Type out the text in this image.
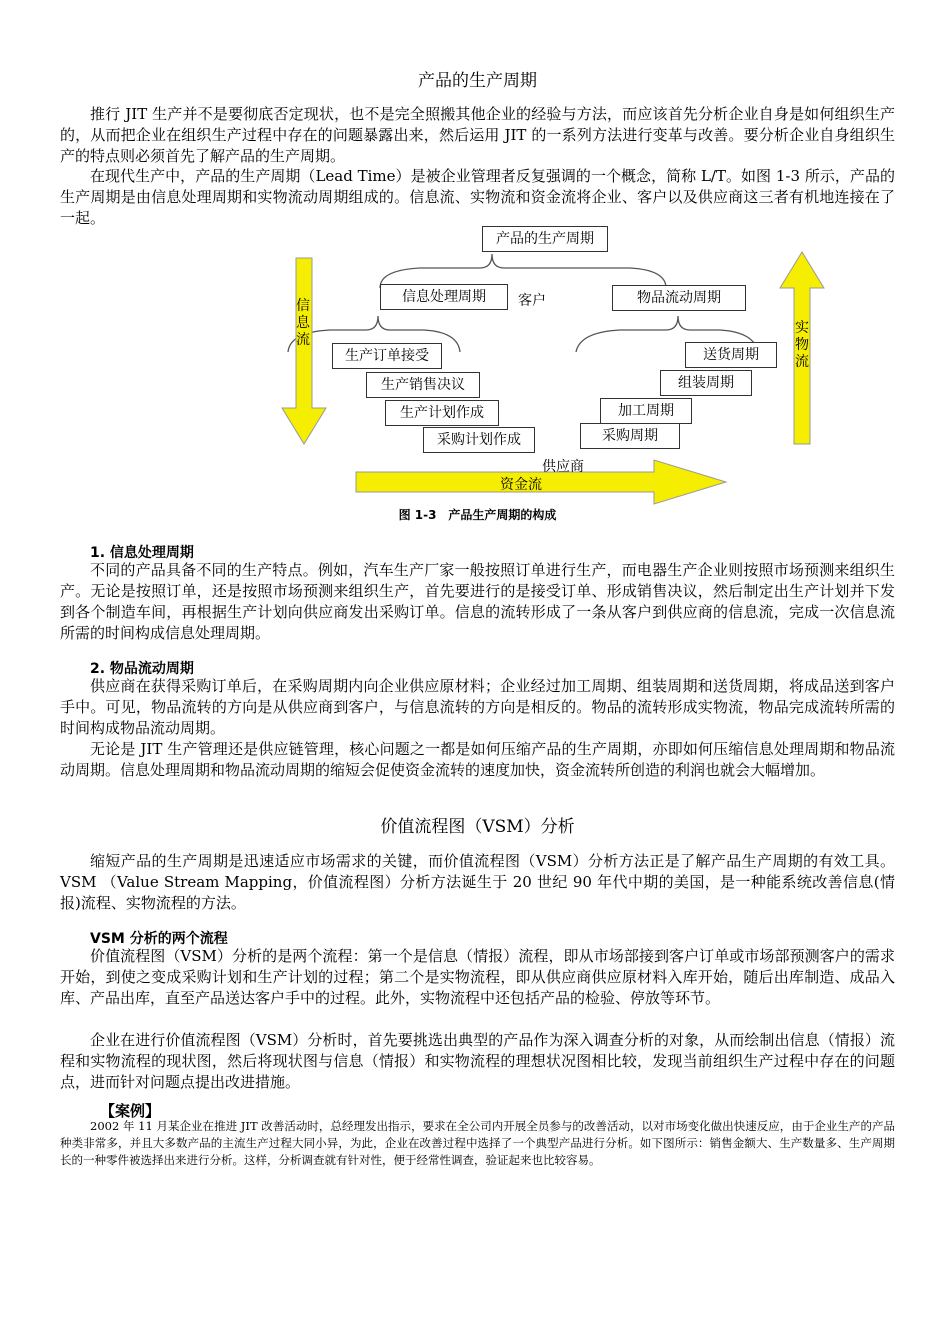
产品的生产周期

推行 JIT 生产并不是要彻底否定现状，也不是完全照搬其他企业的经验与方法，而应该首先分析企业自身是如何组织生产的，从而把企业在组织生产过程中存在的问题暴露出来，然后运用 JIT 的一系列方法进行变革与改善。要分析企业自身组织生产的特点则必须首先了解产品的生产周期。

在现代生产中，产品的生产周期（Lead Time）是被企业管理者反复强调的一个概念，简称 L/T。如图 1-3 所示，产品的生产周期是由信息处理周期和实物流动周期组成的。信息流、实物流和资金流将企业、客户以及供应商这三者有机地连接在了一起。

信息流
实物流
产品的生产周期
信息处理周期	客户	物品流动周期
生产订单接受
生产销售决议
生产计划作成
采购计划作成
送货周期
组装周期
加工周期
采购周期
供应商
资金流
图 1-3　产品生产周期的构成
1. 信息处理周期

不同的产品具备不同的生产特点。例如，汽车生产厂家一般按照订单进行生产，而电器生产企业则按照市场预测来组织生产。无论是按照订单，还是按照市场预测来组织生产，首先要进行的是接受订单、形成销售决议，然后制定出生产计划并下发到各个制造车间，再根据生产计划向供应商发出采购订单。信息的流转形成了一条从客户到供应商的信息流，完成一次信息流所需的时间构成信息处理周期。

2. 物品流动周期

供应商在获得采购订单后，在采购周期内向企业供应原材料；企业经过加工周期、组装周期和送货周期，将成品送到客户手中。可见，物品流转的方向是从供应商到客户，与信息流转的方向是相反的。物品的流转形成实物流，物品完成流转所需的时间构成物品流动周期。

无论是 JIT 生产管理还是供应链管理，核心问题之一都是如何压缩产品的生产周期，亦即如何压缩信息处理周期和物品流动周期。信息处理周期和物品流动周期的缩短会促使资金流转的速度加快，资金流转所创造的利润也就会大幅增加。

价值流程图（VSM）分析

缩短产品的生产周期是迅速适应市场需求的关键，而价值流程图（VSM）分析方法正是了解产品生产周期的有效工具。VSM （Value Stream Mapping，价值流程图）分析方法诞生于 20 世纪 90 年代中期的美国，是一种能系统改善信息(情报)流程、实物流程的方法。

VSM 分析的两个流程

价值流程图（VSM）分析的是两个流程：第一个是信息（情报）流程，即从市场部接到客户订单或市场部预测客户的需求开始，到使之变成采购计划和生产计划的过程；第二个是实物流程，即从供应商供应原材料入库开始，随后出库制造、成品入库、产品出库，直至产品送达客户手中的过程。此外，实物流程中还包括产品的检验、停放等环节。

企业在进行价值流程图（VSM）分析时，首先要挑选出典型的产品作为深入调查分析的对象，从而绘制出信息（情报）流程和实物流程的现状图，然后将现状图与信息（情报）和实物流程的理想状况图相比较，发现当前组织生产过程中存在的问题点，进而针对问题点提出改进措施。

【案例】

2002 年 11 月某企业在推进 JIT 改善活动时，总经理发出指示，要求在全公司内开展全员参与的改善活动，以对市场变化做出快速反应，由于企业生产的产品种类非常多，并且大多数产品的主流生产过程大同小异，为此，企业在改善过程中选择了一个典型产品进行分析。如下图所示：销售金额大、生产数量多、生产周期长的一种零件被选择出来进行分析。这样，分析调查就有针对性，便于经常性调查，验证起来也比较容易。
